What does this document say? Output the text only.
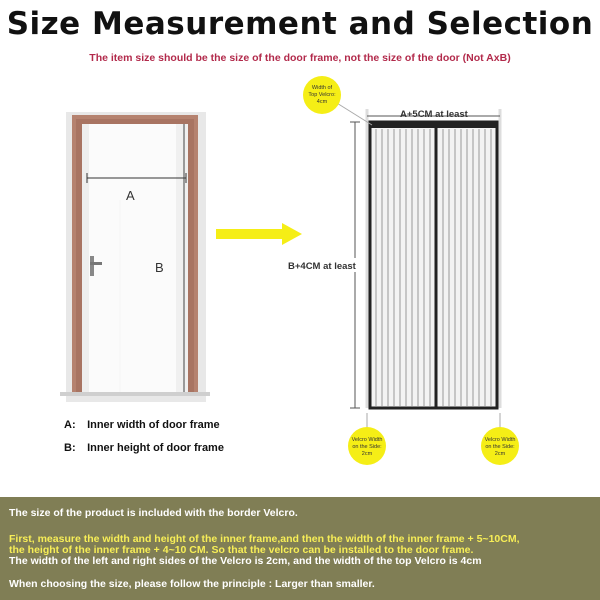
Size Measurement and Selection
The item size should be the size of the door frame, not the size of the door (Not AxB)
A
B
A+5CM at least
B+4CM at least
Width of
Top Velcro:
4cm
Velcro Width
on the Side:
2cm
Velcro Width
on the Side:
2cm
A: Inner width of door frame
B: Inner height of door frame
The size of the product is included with the border Velcro.
First, measure the width and height of the inner frame,and then the width of the inner frame + 5~10CM,
the height of the inner frame + 4~10 CM. So that the velcro can be installed to the door frame.
The width of the left and right sides of the Velcro is 2cm, and the width of the top Velcro is 4cm
When choosing the size, please follow the principle : Larger than smaller.
